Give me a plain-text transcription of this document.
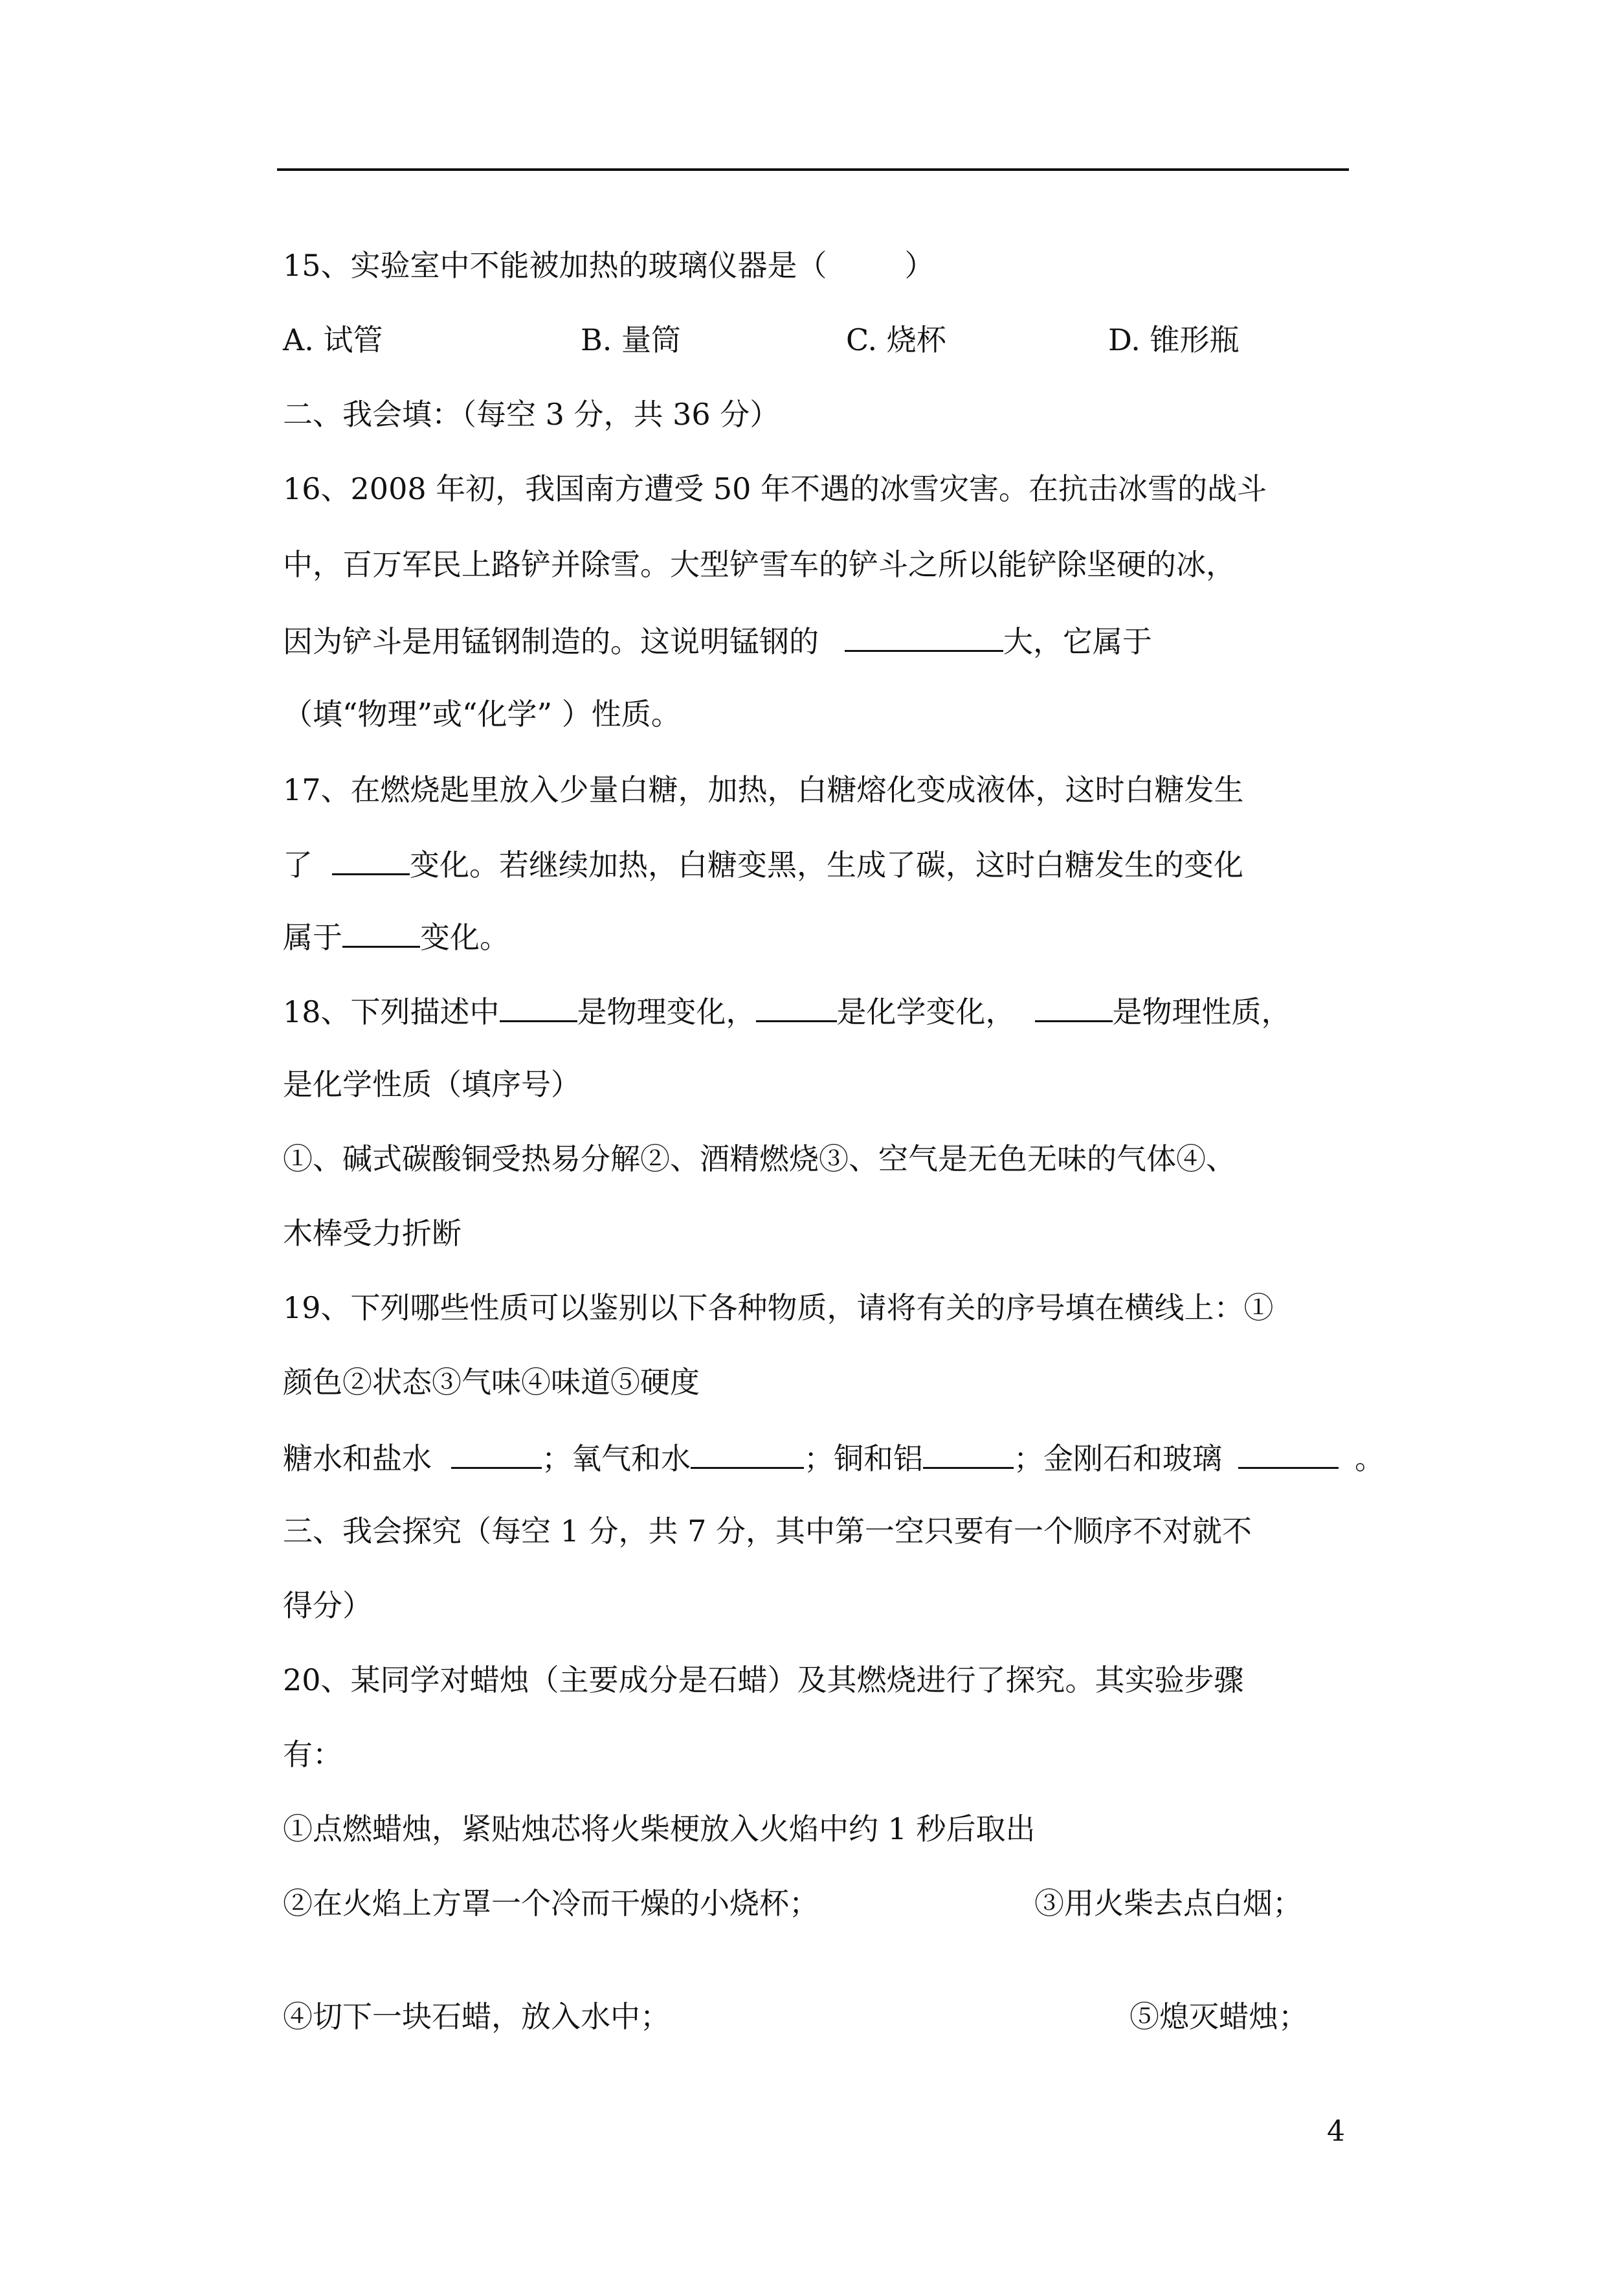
15、实验室中不能被加热的玻璃仪器是（	）
A. 试管	B. 量筒	C. 烧杯	D. 锥形瓶
二、我会填：（每空 3 分，共 36 分）
16、2008 年初，我国南方遭受 50 年不遇的冰雪灾害。在抗击冰雪的战斗
中，百万军民上路铲并除雪。大型铲雪车的铲斗之所以能铲除坚硬的冰，
因为铲斗是用锰钢制造的。这说明锰钢的	大，它属于
（填“物理”或“化学” ）性质。
17、在燃烧匙里放入少量白糖，加热，白糖熔化变成液体，这时白糖发生
了	变化。若继续加热，白糖变黑，生成了碳，这时白糖发生的变化
属于	变化。
18、下列描述中	是物理变化，	是化学变化，	是物理性质，
是化学性质（填序号）
①、碱式碳酸铜受热易分解②、酒精燃烧③、空气是无色无味的气体④、
木棒受力折断
19、下列哪些性质可以鉴别以下各种物质，请将有关的序号填在横线上：①
颜色②状态③气味④味道⑤硬度
糖水和盐水	；氧气和水	；铜和铝	；金刚石和玻璃	。
三、我会探究（每空 1 分，共 7 分，其中第一空只要有一个顺序不对就不
得分）
20、某同学对蜡烛（主要成分是石蜡）及其燃烧进行了探究。其实验步骤
有：
①点燃蜡烛，紧贴烛芯将火柴梗放入火焰中约 1 秒后取出
②在火焰上方罩一个冷而干燥的小烧杯；	③用火柴去点白烟；
④切下一块石蜡，放入水中；	⑤熄灭蜡烛；
4
